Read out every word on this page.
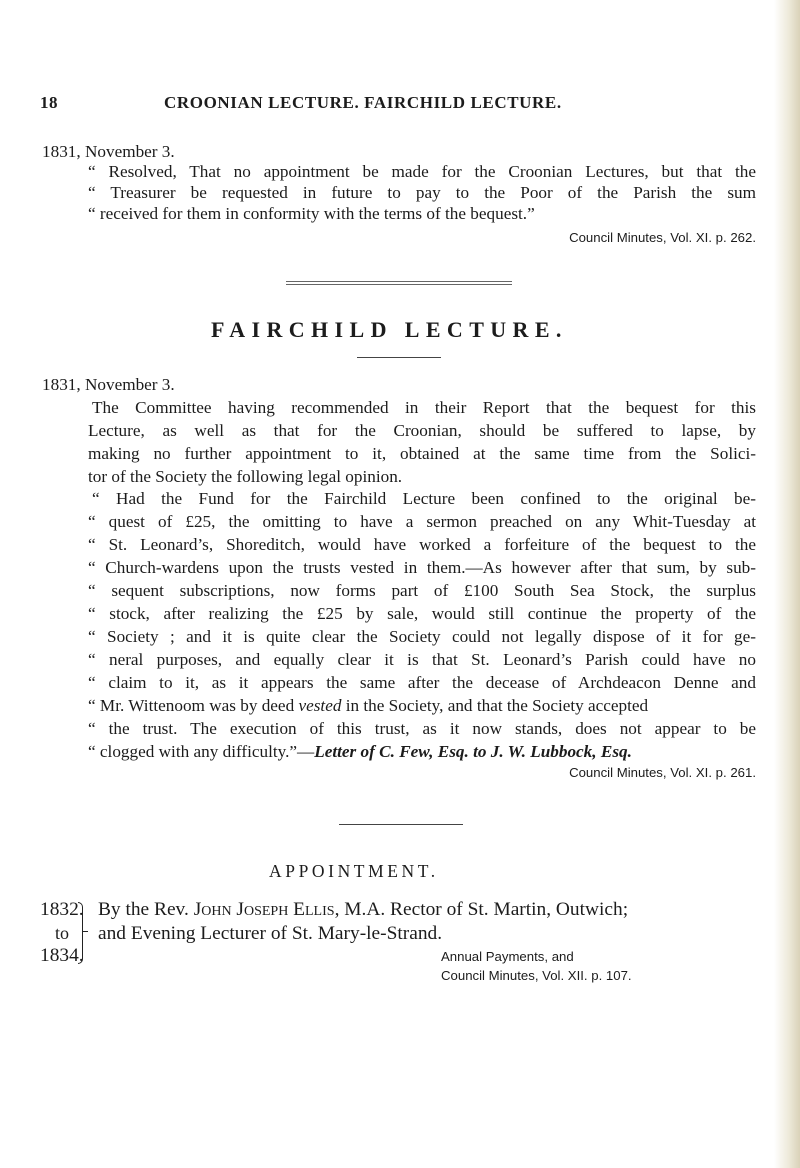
18	CROONIAN LECTURE. FAIRCHILD LECTURE.
1831, November 3.
“ Resolved, That no appointment be made for the Croonian Lectures, but that the
“ Treasurer be requested in future to pay to the Poor of the Parish the sum
“ received for them in conformity with the terms of the bequest.”
Council Minutes, Vol. XI. p. 262.
FAIRCHILD LECTURE.
1831, November 3.
The Committee having recommended in their Report that the bequest for this
Lecture, as well as that for the Croonian, should be suffered to lapse, by
making no further appointment to it, obtained at the same time from the Solici-
tor of the Society the following legal opinion.
“ Had the Fund for the Fairchild Lecture been confined to the original be-
“ quest of £25, the omitting to have a sermon preached on any Whit-Tuesday at
“ St. Leonard’s, Shoreditch, would have worked a forfeiture of the bequest to the
“ Church-wardens upon the trusts vested in them.—As however after that sum, by sub-
“ sequent subscriptions, now forms part of £100 South Sea Stock, the surplus
“ stock, after realizing the £25 by sale, would still continue the property of the
“ Society ; and it is quite clear the Society could not legally dispose of it for ge-
“ neral purposes, and equally clear it is that St. Leonard’s Parish could have no
“ claim to it, as it appears the same after the decease of Archdeacon Denne and
“ Mr. Wittenoom was by deed vested in the Society, and that the Society accepted
“ the trust. The execution of this trust, as it now stands, does not appear to be
“ clogged with any difficulty.”—Letter of C. Few, Esq. to J. W. Lubbock, Esq.
Council Minutes, Vol. XI. p. 261.
APPOINTMENT.
1832.
to
1834.
By the Rev. John Joseph Ellis, M.A. Rector of St. Martin, Outwich;
and Evening Lecturer of St. Mary-le-Strand.
Annual Payments, and
Council Minutes, Vol. XII. p. 107.
